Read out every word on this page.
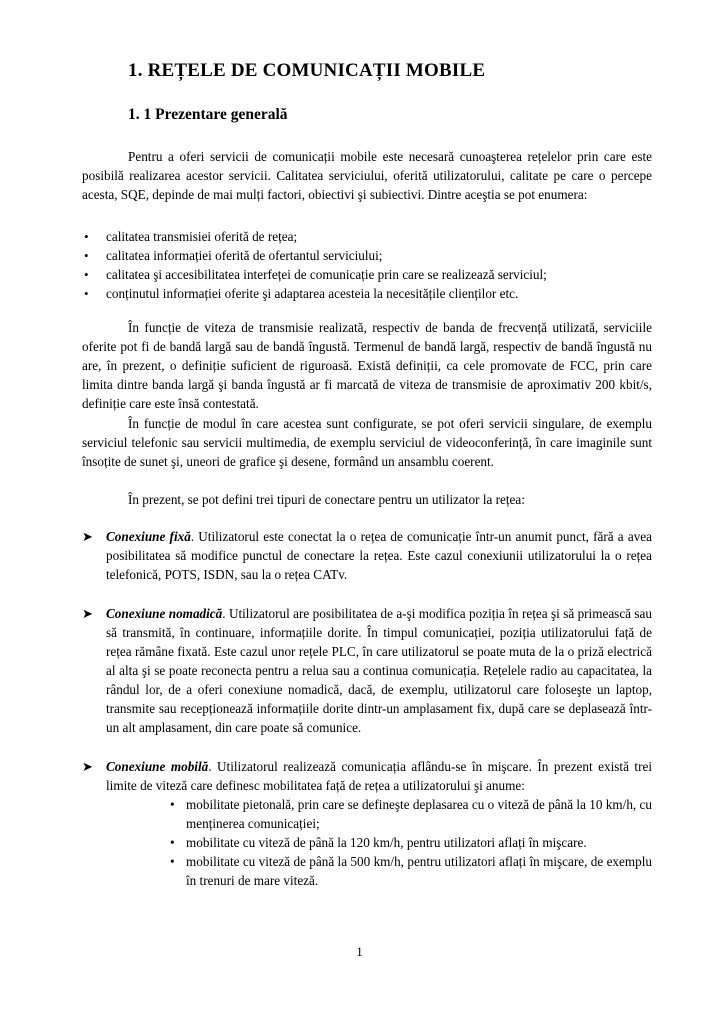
1. REȚELE DE COMUNICAȚII MOBILE
1. 1 Prezentare generală

Pentru a oferi servicii de comunicații mobile este necesară cunoaşterea rețelelor prin care este posibilă realizarea acestor servicii. Calitatea serviciului, oferită utilizatorului, calitate pe care o percepe acesta, SQE, depinde de mai mulți factori, obiectivi şi subiectivi. Dintre aceştia se pot enumera:

• calitatea transmisiei oferită de rețea;
• calitatea informației oferită de ofertantul serviciului;
• calitatea şi accesibilitatea interfeței de comunicație prin care se realizează serviciul;
• conținutul informației oferite şi adaptarea acesteia la necesitățile clienților etc.

În funcție de viteza de transmisie realizată, respectiv de banda de frecvență utilizată, serviciile oferite pot fi de bandă largă sau de bandă îngustă. Termenul de bandă largă, respectiv de bandă îngustă nu are, în prezent, o definiție suficient de riguroasă. Există definiții, ca cele promovate de FCC, prin care limita dintre banda largă şi banda îngustă ar fi marcată de viteza de transmisie de aproximativ 200 kbit/s, definiție care este însă contestată.

În funcție de modul în care acestea sunt configurate, se pot oferi servicii singulare, de exemplu serviciul telefonic sau servicii multimedia, de exemplu serviciul de videoconferință, în care imaginile sunt însoțite de sunet şi, uneori de grafice şi desene, formând un ansamblu coerent.

În prezent, se pot defini trei tipuri de conectare pentru un utilizator la rețea:

➤ Conexiune fixă. Utilizatorul este conectat la o rețea de comunicație într-un anumit punct, fără a avea posibilitatea să modifice punctul de conectare la rețea. Este cazul conexiunii utilizatorului la o rețea telefonică, POTS, ISDN, sau la o rețea CATv.

➤ Conexiune nomadică. Utilizatorul are posibilitatea de a-şi modifica poziția în rețea şi să primească sau să transmită, în continuare, informațiile dorite. În timpul comunicației, poziția utilizatorului față de rețea rămâne fixată. Este cazul unor rețele PLC, în care utilizatorul se poate muta de la o priză electrică al alta şi se poate reconecta pentru a relua sau a continua comunicația. Rețelele radio au capacitatea, la rândul lor, de a oferi conexiune nomadică, dacă, de exemplu, utilizatorul care foloseşte un laptop, transmite sau recepționează informațiile dorite dintr-un amplasament fix, după care se deplasează într-un alt amplasament, din care poate să comunice.

➤ Conexiune mobilă. Utilizatorul realizează comunicația aflându-se în mişcare. În prezent există trei limite de viteză care definesc mobilitatea față de rețea a utilizatorului şi anume:

• mobilitate pietonală, prin care se defineşte deplasarea cu o viteză de până la 10 km/h, cu menținerea comunicației;
• mobilitate cu viteză de până la 120 km/h, pentru utilizatori aflați în mişcare.
• mobilitate cu viteză de până la 500 km/h, pentru utilizatori aflați în mişcare, de exemplu în trenuri de mare viteză.
1
